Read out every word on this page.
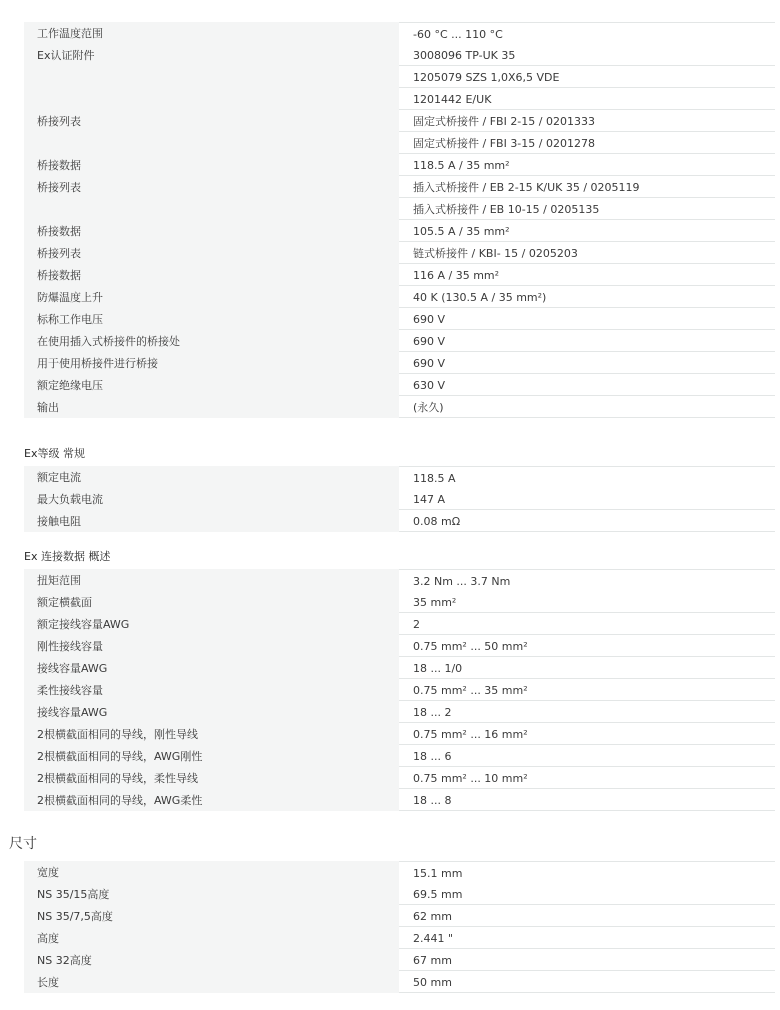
工作温度范围	-60 °C ... 110 °C
Ex认证附件	3008096 TP-UK 35
1205079 SZS 1,0X6,5 VDE
1201442 E/UK
桥接列表	固定式桥接件 / FBI 2-15 / 0201333
固定式桥接件 / FBI 3-15 / 0201278
桥接数据	118.5 A / 35 mm²
桥接列表	插入式桥接件 / EB 2-15 K/UK 35 / 0205119
插入式桥接件 / EB 10-15 / 0205135
桥接数据	105.5 A / 35 mm²
桥接列表	链式桥接件 / KBI- 15 / 0205203
桥接数据	116 A / 35 mm²
防爆温度上升	40 K (130.5 A / 35 mm²)
标称工作电压	690 V
在使用插入式桥接件的桥接处	690 V
用于使用桥接件进行桥接	690 V
额定绝缘电压	630 V
输出	(永久)
Ex等级 常规
额定电流	118.5 A
最大负载电流	147 A
接触电阻	0.08 mΩ
Ex 连接数据 概述
扭矩范围	3.2 Nm ... 3.7 Nm
额定横截面	35 mm²
额定接线容量AWG	2
刚性接线容量	0.75 mm² ... 50 mm²
接线容量AWG	18 ... 1/0
柔性接线容量	0.75 mm² ... 35 mm²
接线容量AWG	18 ... 2
2根横截面相同的导线，刚性导线	0.75 mm² ... 16 mm²
2根横截面相同的导线，AWG刚性	18 ... 6
2根横截面相同的导线，柔性导线	0.75 mm² ... 10 mm²
2根横截面相同的导线，AWG柔性	18 ... 8
尺寸
宽度	15.1 mm
NS 35/15高度	69.5 mm
NS 35/7,5高度	62 mm
高度	2.441 "
NS 32高度	67 mm
长度	50 mm
